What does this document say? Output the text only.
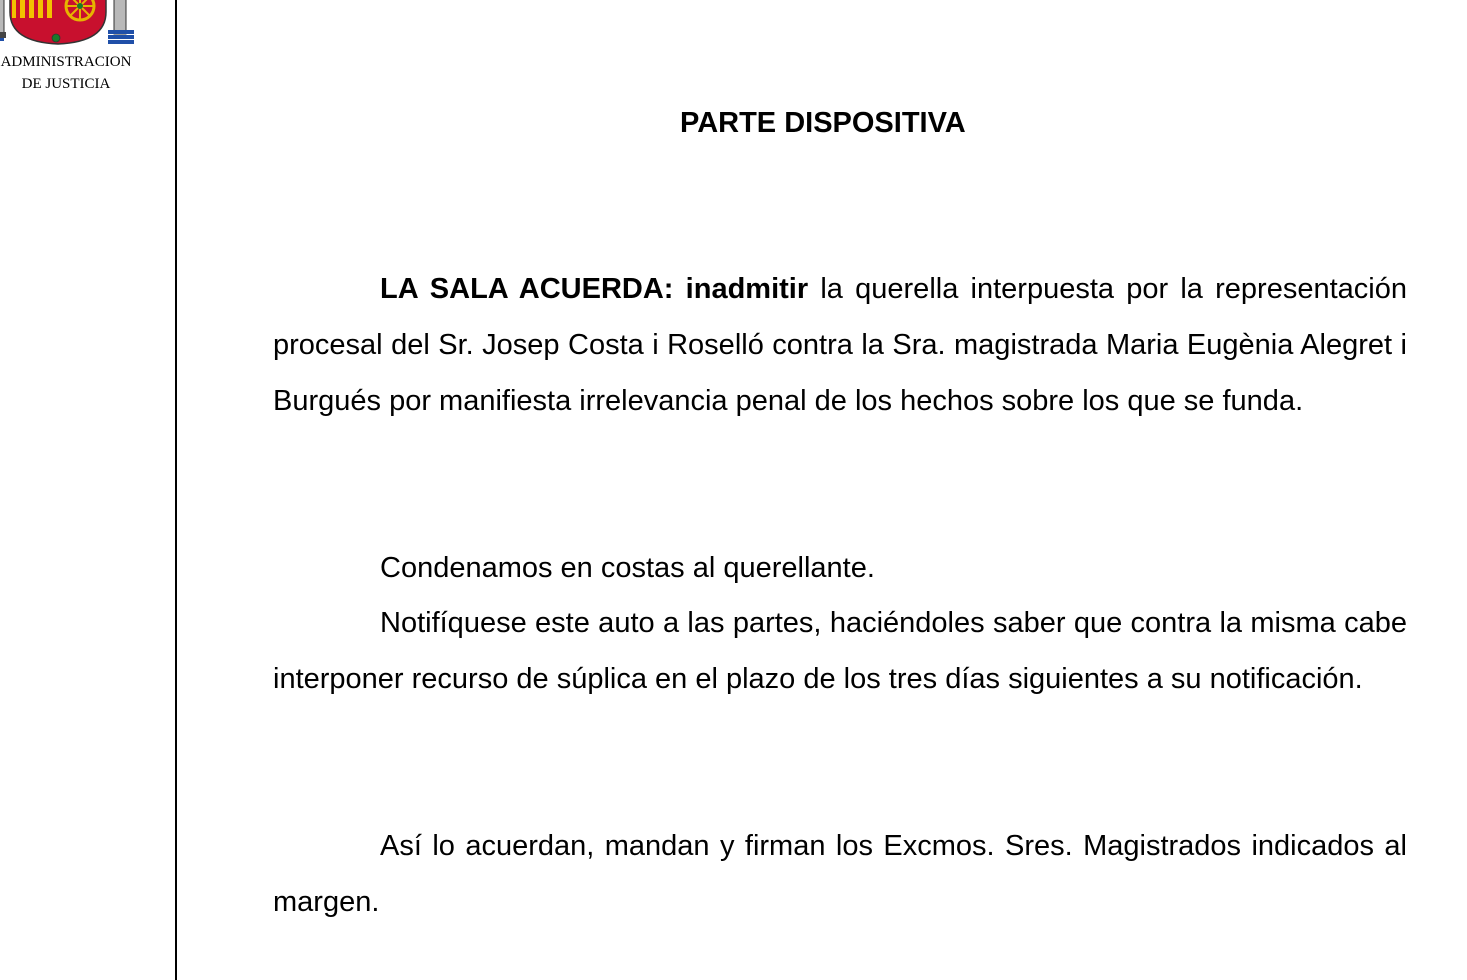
ADMINISTRACION
DE JUSTICIA
PARTE DISPOSITIVA

LA SALA ACUERDA: inadmitir la querella interpuesta por la representación procesal del Sr. Josep Costa i Roselló contra la Sra. magistrada Maria Eugènia Alegret i Burgués por manifiesta irrelevancia penal de los hechos sobre los que se funda.

Condenamos en costas al querellante.

Notifíquese este auto a las partes, haciéndoles saber que contra la misma cabe interponer recurso de súplica en el plazo de los tres días siguientes a su notificación.

Así lo acuerdan, mandan y firman los Excmos. Sres. Magistrados indicados al margen.
